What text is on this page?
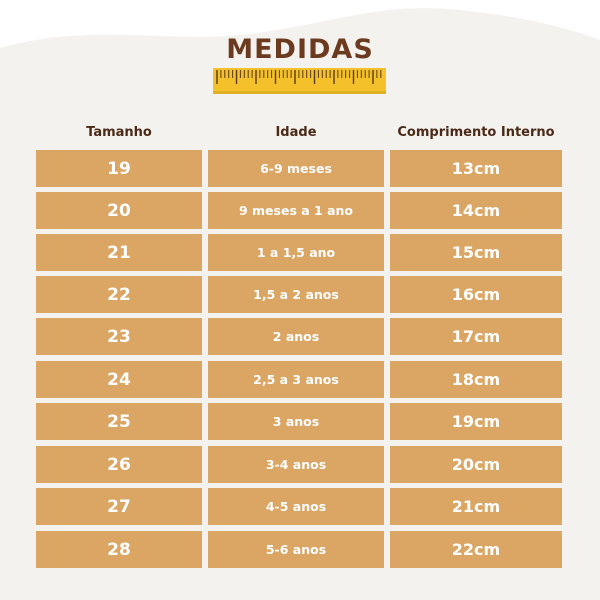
MEDIDAS
Tamanho	Idade	Comprimento Interno
19	6-9 meses	13cm
20	9 meses a 1 ano	14cm
21	1 a 1,5 ano	15cm
22	1,5 a 2 anos	16cm
23	2 anos	17cm
24	2,5 a 3 anos	18cm
25	3 anos	19cm
26	3-4 anos	20cm
27	4-5 anos	21cm
28	5-6 anos	22cm
